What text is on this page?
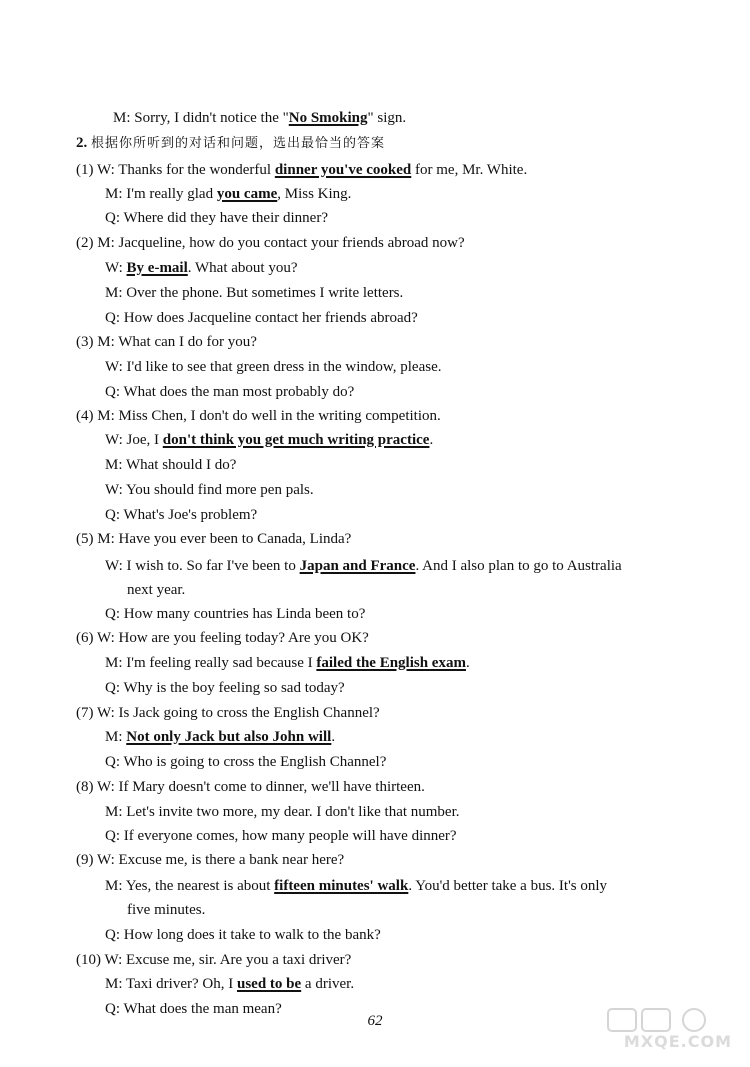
M: Sorry, I didn't notice the "No Smoking" sign.
2. 根据你所听到的对话和问题，选出最恰当的答案
(1) W: Thanks for the wonderful dinner you've cooked for me, Mr. White.
M: I'm really glad you came, Miss King.
Q: Where did they have their dinner?
(2) M: Jacqueline, how do you contact your friends abroad now?
W: By e-mail. What about you?
M: Over the phone. But sometimes I write letters.
Q: How does Jacqueline contact her friends abroad?
(3) M: What can I do for you?
W: I'd like to see that green dress in the window, please.
Q: What does the man most probably do?
(4) M: Miss Chen, I don't do well in the writing competition.
W: Joe, I don't think you get much writing practice.
M: What should I do?
W: You should find more pen pals.
Q: What's Joe's problem?
(5) M: Have you ever been to Canada, Linda?
W: I wish to. So far I've been to Japan and France. And I also plan to go to Australia
next year.
Q: How many countries has Linda been to?
(6) W: How are you feeling today? Are you OK?
M: I'm feeling really sad because I failed the English exam.
Q: Why is the boy feeling so sad today?
(7) W: Is Jack going to cross the English Channel?
M: Not only Jack but also John will.
Q: Who is going to cross the English Channel?
(8) W: If Mary doesn't come to dinner, we'll have thirteen.
M: Let's invite two more, my dear. I don't like that number.
Q: If everyone comes, how many people will have dinner?
(9) W: Excuse me, is there a bank near here?
M: Yes, the nearest is about fifteen minutes' walk. You'd better take a bus. It's only
five minutes.
Q: How long does it take to walk to the bank?
(10) W: Excuse me, sir. Are you a taxi driver?
M: Taxi driver? Oh, I used to be a driver.
Q: What does the man mean?
62
MXQE.COM
